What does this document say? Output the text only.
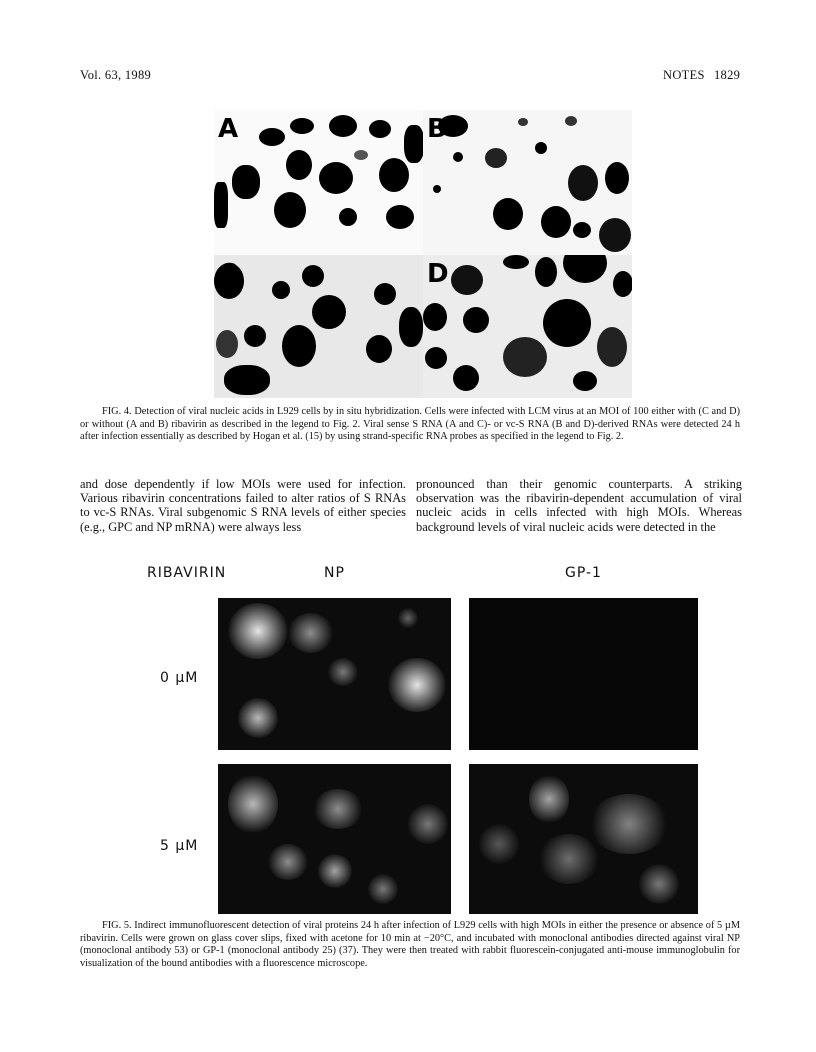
Vol. 63, 1989	NOTES 1829
A	B
C	D
FIG. 4. Detection of viral nucleic acids in L929 cells by in situ hybridization. Cells were infected with LCM virus at an MOI of 100 either with (C and D) or without (A and B) ribavirin as described in the legend to Fig. 2. Viral sense S RNA (A and C)- or vc-S RNA (B and D)-derived RNAs were detected 24 h after infection essentially as described by Hogan et al. (15) by using strand-specific RNA probes as specified in the legend to Fig. 2.
and dose dependently if low MOIs were used for infection. Various ribavirin concentrations failed to alter ratios of S RNAs to vc-S RNAs. Viral subgenomic S RNA levels of either species (e.g., GPC and NP mRNA) were always less
pronounced than their genomic counterparts. A striking observation was the ribavirin-dependent accumulation of viral nucleic acids in cells infected with high MOIs. Whereas background levels of viral nucleic acids were detected in the
RIBAVIRIN	NP	GP-1
0 µM
5 µM
FIG. 5. Indirect immunofluorescent detection of viral proteins 24 h after infection of L929 cells with high MOIs in either the presence or absence of 5 µM ribavirin. Cells were grown on glass cover slips, fixed with acetone for 10 min at −20°C, and incubated with monoclonal antibodies directed against viral NP (monoclonal antibody 53) or GP-1 (monoclonal antibody 25) (37). They were then treated with rabbit fluorescein-conjugated anti-mouse immunoglobulin for visualization of the bound antibodies with a fluorescence microscope.
